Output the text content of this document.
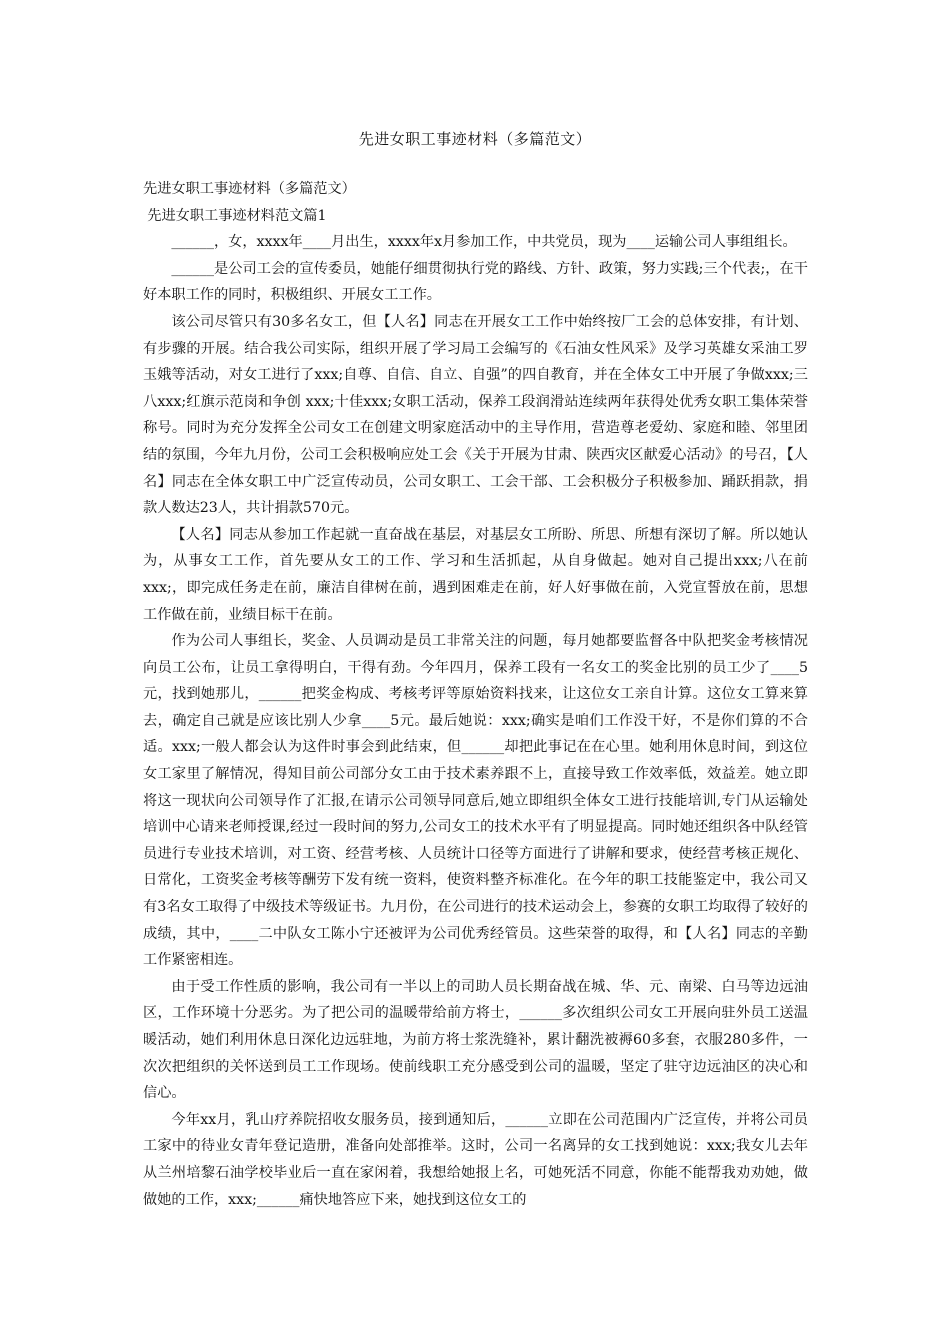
先进女职工事迹材料（多篇范文）

先进女职工事迹材料（多篇范文）

先进女职工事迹材料范文篇1

______，女，xxxx年____月出生，xxxx年x月参加工作，中共党员，现为____运输公司人事组组长。

______是公司工会的宣传委员，她能仔细贯彻执行党的路线、方针、政策，努力实践;三个代表;，在干好本职工作的同时，积极组织、开展女工工作。

该公司尽管只有30多名女工，但【人名】同志在开展女工工作中始终按厂工会的总体安排，有计划、有步骤的开展。结合我公司实际，组织开展了学习局工会编写的《石油女性风采》及学习英雄女采油工罗玉娥等活动，对女工进行了xxx;自尊、自信、自立、自强”的四自教育，并在全体女工中开展了争做xxx;三八xxx;红旗示范岗和争创 xxx;十佳xxx;女职工活动，保养工段润滑站连续两年获得处优秀女职工集体荣誉称号。同时为充分发挥全公司女工在创建文明家庭活动中的主导作用，营造尊老爱幼、家庭和睦、邻里团结的氛围，今年九月份，公司工会积极响应处工会《关于开展为甘肃、陕西灾区献爱心活动》的号召，【人名】同志在全体女职工中广泛宣传动员，公司女职工、工会干部、工会积极分子积极参加、踊跃捐款，捐款人数达23人，共计捐款570元。

【人名】同志从参加工作起就一直奋战在基层，对基层女工所盼、所思、所想有深切了解。所以她认为，从事女工工作，首先要从女工的工作、学习和生活抓起，从自身做起。她对自己提出xxx;八在前xxx;，即完成任务走在前，廉洁自律树在前，遇到困难走在前，好人好事做在前，入党宣誓放在前，思想工作做在前，业绩目标干在前。

作为公司人事组长，奖金、人员调动是员工非常关注的问题，每月她都要监督各中队把奖金考核情况向员工公布，让员工拿得明白，干得有劲。今年四月，保养工段有一名女工的奖金比别的员工少了____5元，找到她那儿，______把奖金构成、考核考评等原始资料找来，让这位女工亲自计算。这位女工算来算去，确定自己就是应该比别人少拿____5元。最后她说：xxx;确实是咱们工作没干好，不是你们算的不合适。xxx;一般人都会认为这件时事会到此结束，但______却把此事记在在心里。她利用休息时间，到这位女工家里了解情况，得知目前公司部分女工由于技术素养跟不上，直接导致工作效率低，效益差。她立即将这一现状向公司领导作了汇报,在请示公司领导同意后,她立即组织全体女工进行技能培训,专门从运输处培训中心请来老师授课,经过一段时间的努力,公司女工的技术水平有了明显提高。同时她还组织各中队经管员进行专业技术培训，对工资、经营考核、人员统计口径等方面进行了讲解和要求，使经营考核正规化、日常化，工资奖金考核等酬劳下发有统一资料，使资料整齐标准化。在今年的职工技能鉴定中，我公司又有3名女工取得了中级技术等级证书。九月份，在公司进行的技术运动会上，参赛的女职工均取得了较好的成绩，其中，____二中队女工陈小宁还被评为公司优秀经管员。这些荣誉的取得，和【人名】同志的辛勤工作紧密相连。

由于受工作性质的影响，我公司有一半以上的司助人员长期奋战在城、华、元、南梁、白马等边远油区，工作环境十分恶劣。为了把公司的温暖带给前方将士，______多次组织公司女工开展向驻外员工送温暖活动，她们利用休息日深化边远驻地，为前方将士浆洗缝补，累计翻洗被褥60多套，衣服280多件，一次次把组织的关怀送到员工工作现场。使前线职工充分感受到公司的温暖，坚定了驻守边远油区的决心和信心。

今年xx月，乳山疗养院招收女服务员，接到通知后，______立即在公司范围内广泛宣传，并将公司员工家中的待业女青年登记造册，准备向处部推举。这时，公司一名离异的女工找到她说：xxx;我女儿去年从兰州培黎石油学校毕业后一直在家闲着，我想给她报上名，可她死活不同意，你能不能帮我劝劝她，做做她的工作，xxx;______痛快地答应下来，她找到这位女工的
